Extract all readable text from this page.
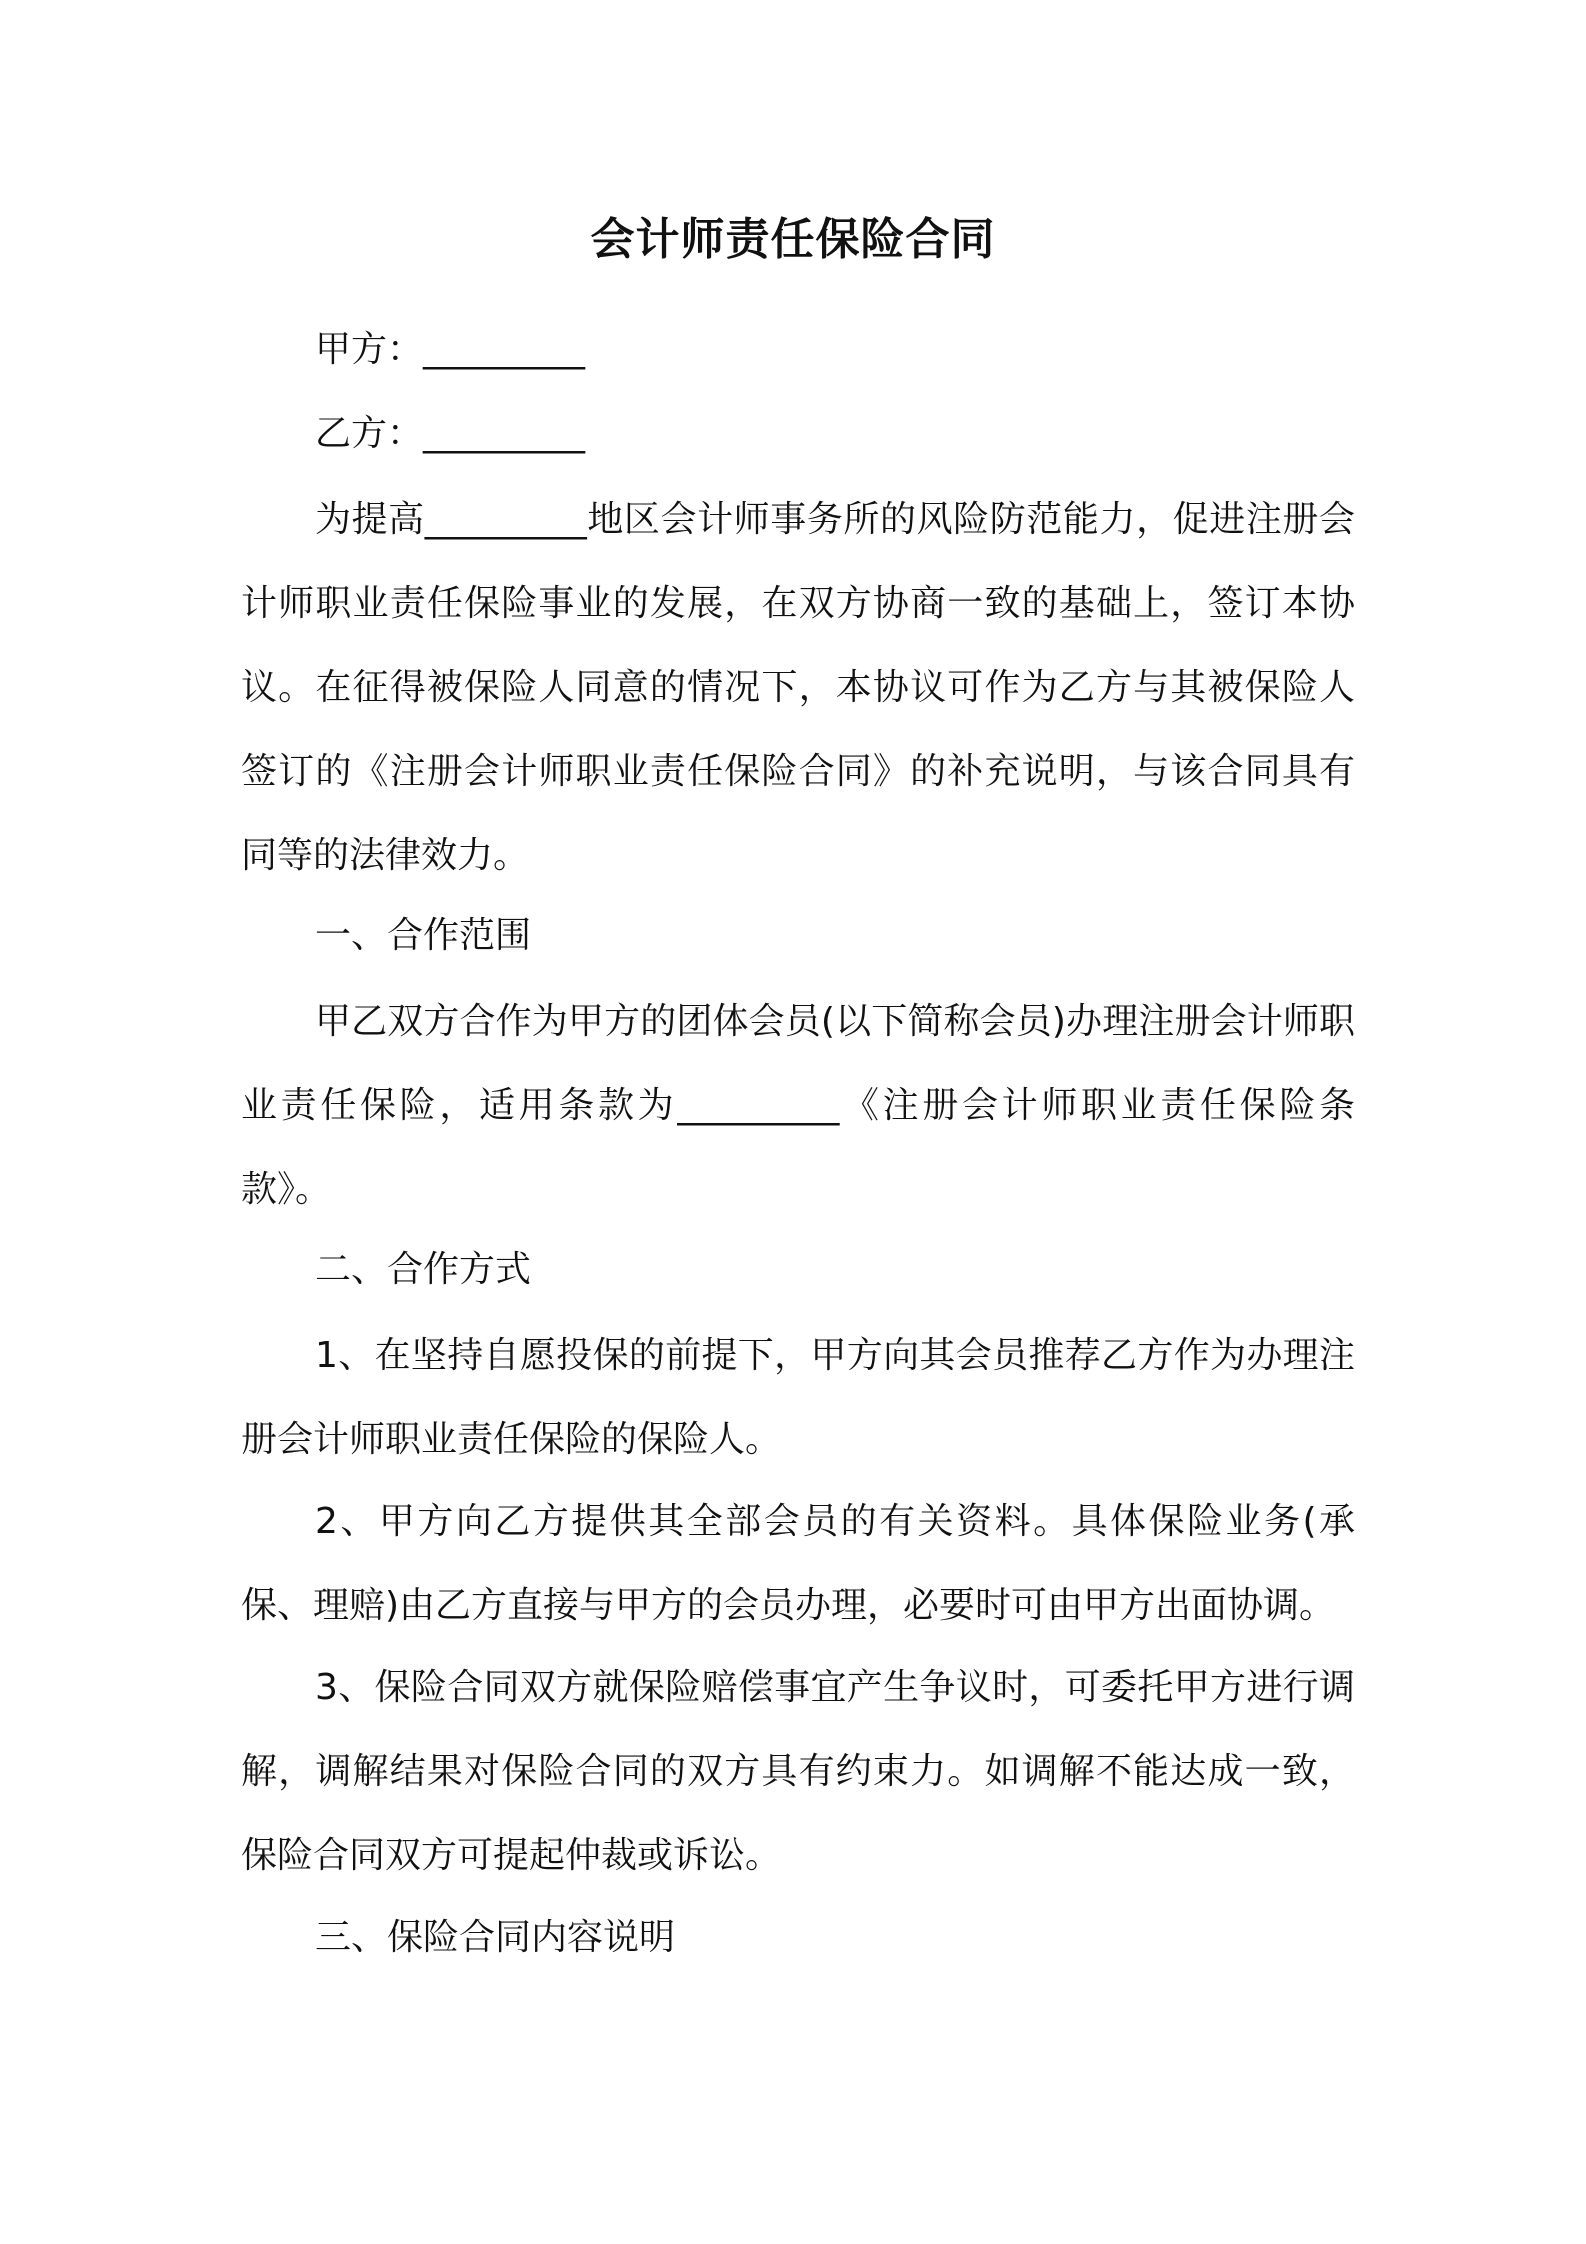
会计师责任保险合同

甲方：_________

乙方：_________

为提高_________地区会计师事务所的风险防范能力，促进注册会计师职业责任保险事业的发展，在双方协商一致的基础上，签订本协议。在征得被保险人同意的情况下，本协议可作为乙方与其被保险人签订的《注册会计师职业责任保险合同》的补充说明，与该合同具有同等的法律效力。

一、合作范围

甲乙双方合作为甲方的团体会员(以下简称会员)办理注册会计师职业责任保险，适用条款为_________《注册会计师职业责任保险条款》。

二、合作方式

1、在坚持自愿投保的前提下，甲方向其会员推荐乙方作为办理注册会计师职业责任保险的保险人。

2、甲方向乙方提供其全部会员的有关资料。具体保险业务(承保、理赔)由乙方直接与甲方的会员办理，必要时可由甲方出面协调。

3、保险合同双方就保险赔偿事宜产生争议时，可委托甲方进行调解，调解结果对保险合同的双方具有约束力。如调解不能达成一致，保险合同双方可提起仲裁或诉讼。

三、保险合同内容说明
